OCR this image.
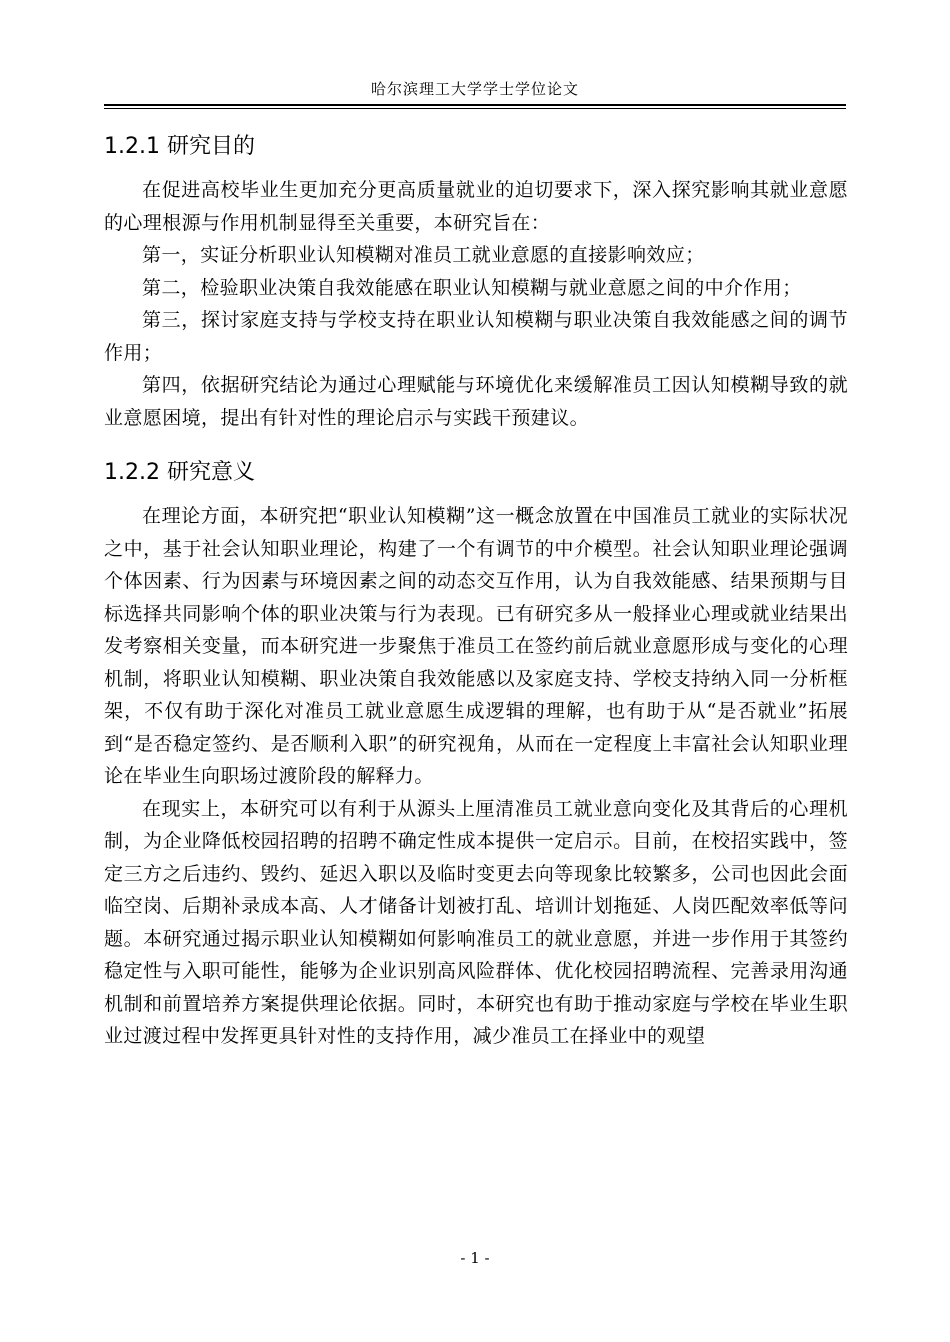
哈尔滨理工大学学士学位论文
1.2.1 研究目的

在促进高校毕业生更加充分更高质量就业的迫切要求下，深入探究影响其就业意愿的心理根源与作用机制显得至关重要，本研究旨在：

第一，实证分析职业认知模糊对准员工就业意愿的直接影响效应；

第二，检验职业决策自我效能感在职业认知模糊与就业意愿之间的中介作用；

第三，探讨家庭支持与学校支持在职业认知模糊与职业决策自我效能感之间的调节作用；

第四，依据研究结论为通过心理赋能与环境优化来缓解准员工因认知模糊导致的就业意愿困境，提出有针对性的理论启示与实践干预建议。

1.2.2 研究意义

在理论方面，本研究把“职业认知模糊”这一概念放置在中国准员工就业的实际状况之中，基于社会认知职业理论，构建了一个有调节的中介模型。社会认知职业理论强调个体因素、行为因素与环境因素之间的动态交互作用，认为自我效能感、结果预期与目标选择共同影响个体的职业决策与行为表现。已有研究多从一般择业心理或就业结果出发考察相关变量，而本研究进一步聚焦于准员工在签约前后就业意愿形成与变化的心理机制，将职业认知模糊、职业决策自我效能感以及家庭支持、学校支持纳入同一分析框架，不仅有助于深化对准员工就业意愿生成逻辑的理解，也有助于从“是否就业”拓展到“是否稳定签约、是否顺利入职”的研究视角，从而在一定程度上丰富社会认知职业理论在毕业生向职场过渡阶段的解释力。

在现实上，本研究可以有利于从源头上厘清准员工就业意向变化及其背后的心理机制，为企业降低校园招聘的招聘不确定性成本提供一定启示。目前，在校招实践中，签定三方之后违约、毁约、延迟入职以及临时变更去向等现象比较繁多，公司也因此会面临空岗、后期补录成本高、人才储备计划被打乱、培训计划拖延、人岗匹配效率低等问题。本研究通过揭示职业认知模糊如何影响准员工的就业意愿，并进一步作用于其签约稳定性与入职可能性，能够为企业识别高风险群体、优化校园招聘流程、完善录用沟通机制和前置培养方案提供理论依据。同时，本研究也有助于推动家庭与学校在毕业生职业过渡过程中发挥更具针对性的支持作用，减少准员工在择业中的观望

- 1 -
